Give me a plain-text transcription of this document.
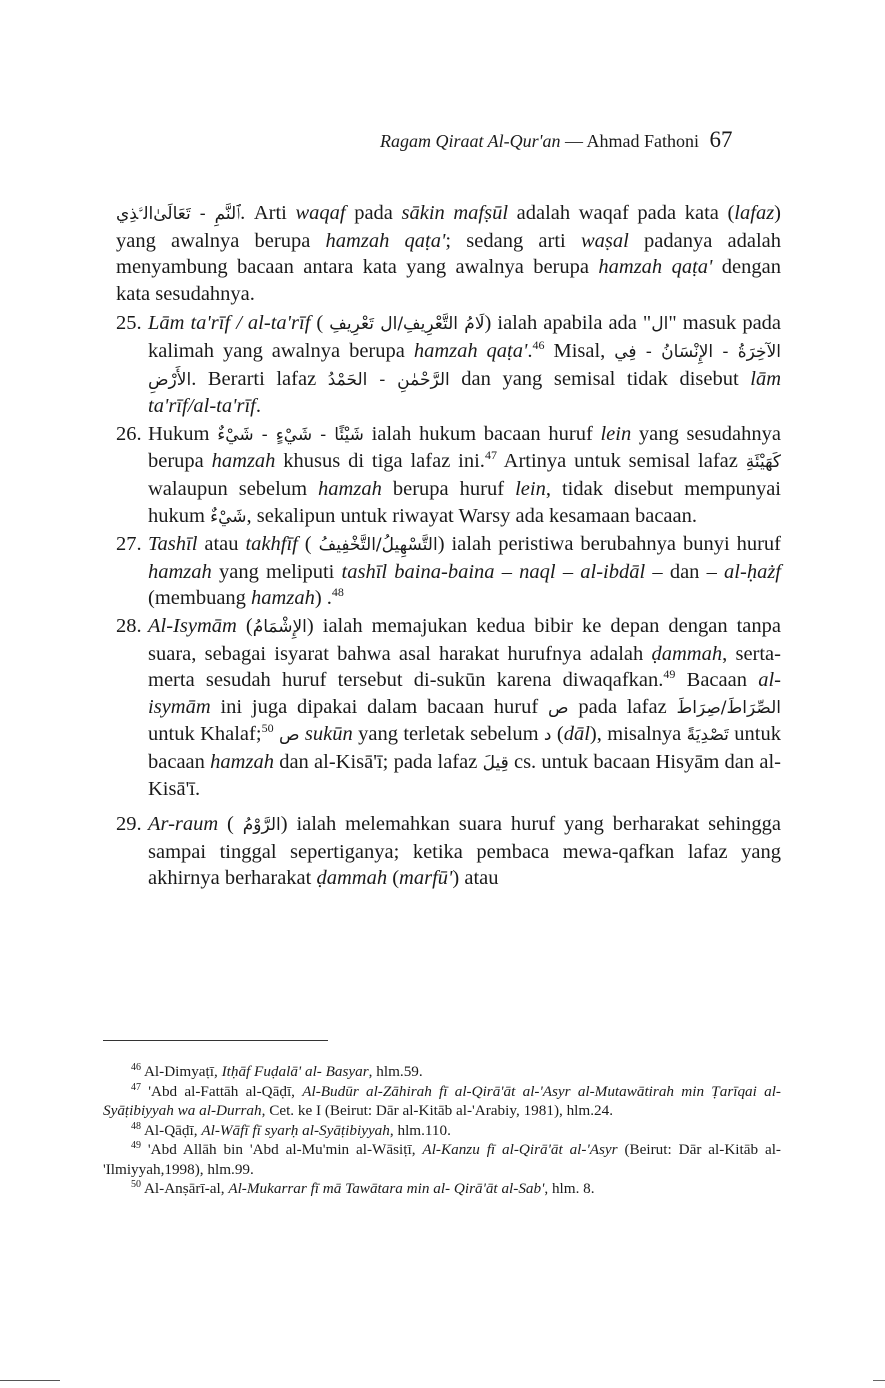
Ragam Qiraat Al-Qur'an — Ahmad Fathoni 67

ﭐﻟﻨَّﻢِ - ﺗَﻌَﺎﻟَﻰٰﺍﻟﱠﺬِﻱ. Arti waqaf pada sākin mafṣūl adalah waqaf pada kata (lafaz) yang awalnya berupa hamzah qaṭa'; sedang arti waṣal padanya adalah menyambung bacaan antara kata yang awalnya berupa hamzah qaṭa' dengan kata sesudahnya.

25. Lām ta'rīf / al-ta'rīf ( لَامُ التَّعْرِيفِ/ال تَعْرِيفِ) ialah apabila ada "ال" masuk pada kalimah yang awalnya berupa hamzah qaṭa'.$^{46}$ Misal, الآخِرَةُ - الإِنْسَانُ - فِي الأَرْضِ. Berarti lafaz الرَّحْمٰنِ - الحَمْدُ dan yang semisal tidak disebut lām ta'rīf/al-ta'rīf.
26. Hukum شَيْئًا - شَيْءٍ - شَيْءٌ ialah hukum bacaan huruf lein yang sesudahnya berupa hamzah khusus di tiga lafaz ini.$^{47}$ Artinya untuk semisal lafaz كَهَيْئَةِ walaupun sebelum hamzah berupa huruf lein, tidak disebut mempunyai hukum شَيْءٌ, sekalipun untuk riwayat Warsy ada kesamaan bacaan.
27. Tashīl atau takhfīf ( التَّسْهِيلُ/التَّخْفِيفُ) ialah peristiwa berubahnya bunyi huruf hamzah yang meliputi tashīl baina-baina – naql – al-ibdāl – dan – al-ḥażf (membuang hamzah) .$^{48}$
28. Al-Isymām (الإِشْمَامُ) ialah memajukan kedua bibir ke depan dengan tanpa suara, sebagai isyarat bahwa asal harakat hurufnya adalah ḍammah, serta-merta sesudah huruf tersebut di-sukūn karena diwaqafkan.$^{49}$ Bacaan al-isymām ini juga dipakai dalam bacaan huruf ص pada lafaz الصِّرَاطَ/صِرَاطَ untuk Khalaf;$^{50}$ ص sukūn yang terletak sebelum د (dāl), misalnya تَصْدِيَةً untuk bacaan hamzah dan al-Kisā'ī; pada lafaz قِيلَ cs. untuk bacaan Hisyām dan al-Kisā'ī.
29. Ar-raum ( الرَّوْمُ) ialah melemahkan suara huruf yang berharakat sehingga sampai tinggal sepertiganya; ketika pembaca mewa-qafkan lafaz yang akhirnya berharakat ḍammah (marfū') atau

$^{46}$ Al-Dimyaṭī, Itḥāf Fuḍalā' al- Basyar, hlm.59.

$^{47}$ 'Abd al-Fattāh al-Qāḍī, Al-Budūr al-Zāhirah fī al-Qirā'āt al-'Asyr al-Mutawātirah min Ṭarīqai al-Syāṭibiyyah wa al-Durrah, Cet. ke I (Beirut: Dār al-Kitāb al-'Arabiy, 1981), hlm.24.

$^{48}$ Al-Qāḍī, Al-Wāfī fī syarḥ al-Syāṭibiyyah, hlm.110.

$^{49}$ 'Abd Allāh bin 'Abd al-Mu'min al-Wāsiṭī, Al-Kanzu fī al-Qirā'āt al-'Asyr (Beirut: Dār al-Kitāb al-'Ilmiyyah,1998), hlm.99.

$^{50}$ Al-Anṣārī-al, Al-Mukarrar fī mā Tawātara min al- Qirā'āt al-Sab', hlm. 8.
